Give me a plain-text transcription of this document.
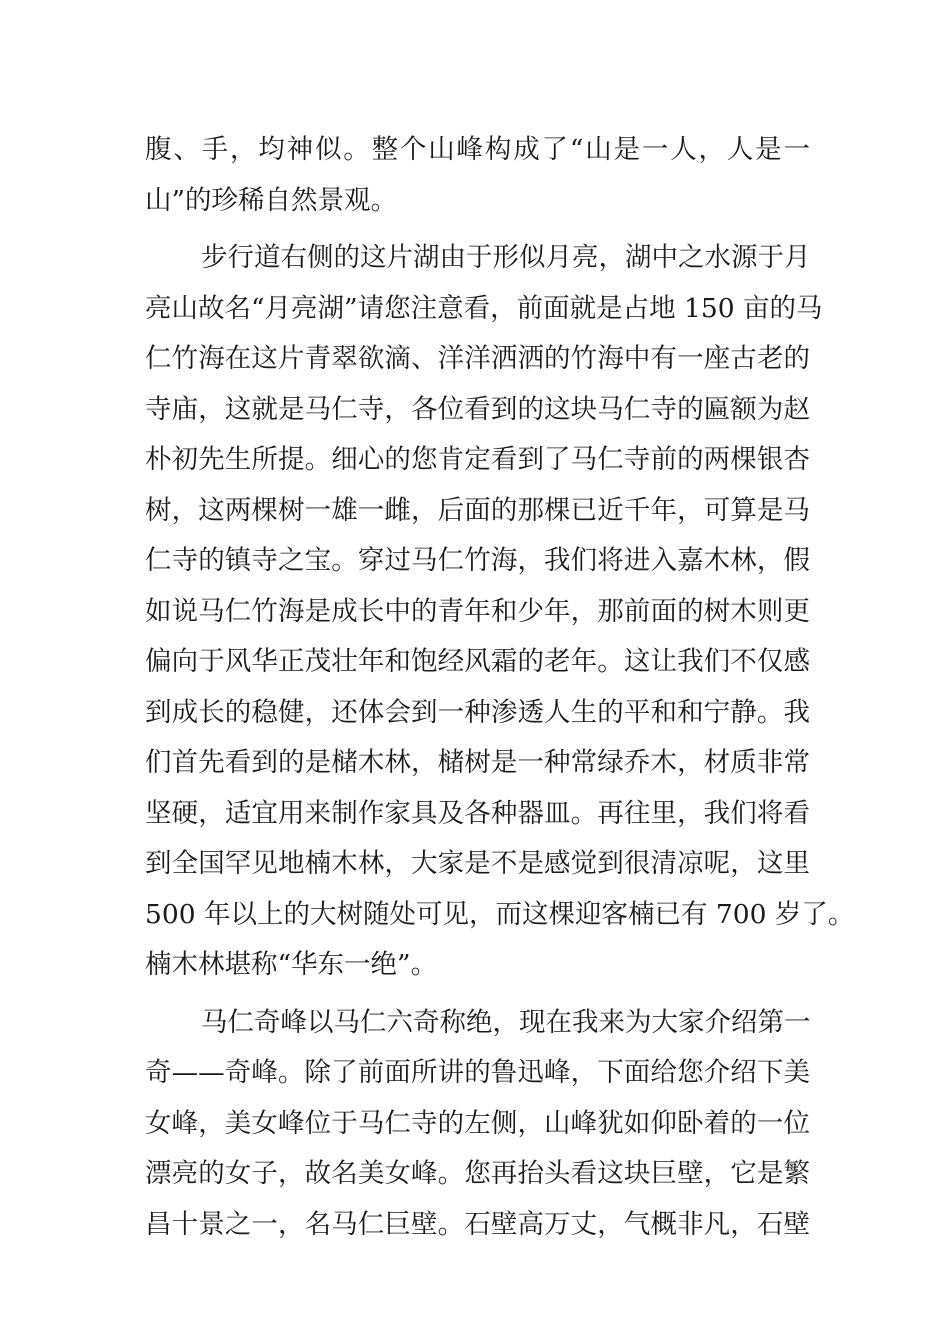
腹、手，均神似。整个山峰构成了“山是一人，人是一
山”的珍稀自然景观。
步行道右侧的这片湖由于形似月亮，湖中之水源于月
亮山故名“月亮湖”请您注意看，前面就是占地 150 亩的马
仁竹海在这片青翠欲滴、洋洋洒洒的竹海中有一座古老的
寺庙，这就是马仁寺，各位看到的这块马仁寺的匾额为赵
朴初先生所提。细心的您肯定看到了马仁寺前的两棵银杏
树，这两棵树一雄一雌，后面的那棵已近千年，可算是马
仁寺的镇寺之宝。穿过马仁竹海，我们将进入嘉木林，假
如说马仁竹海是成长中的青年和少年，那前面的树木则更
偏向于风华正茂壮年和饱经风霜的老年。这让我们不仅感
到成长的稳健，还体会到一种渗透人生的平和和宁静。我
们首先看到的是槠木林，槠树是一种常绿乔木，材质非常
坚硬，适宜用来制作家具及各种器皿。再往里，我们将看
到全国罕见地楠木林，大家是不是感觉到很清凉呢，这里
500 年以上的大树随处可见，而这棵迎客楠已有 700 岁了。
楠木林堪称“华东一绝”。
马仁奇峰以马仁六奇称绝，现在我来为大家介绍第一
奇——奇峰。除了前面所讲的鲁迅峰，下面给您介绍下美
女峰，美女峰位于马仁寺的左侧，山峰犹如仰卧着的一位
漂亮的女子，故名美女峰。您再抬头看这块巨壁，它是繁
昌十景之一，名马仁巨壁。石壁高万丈，气概非凡，石壁
